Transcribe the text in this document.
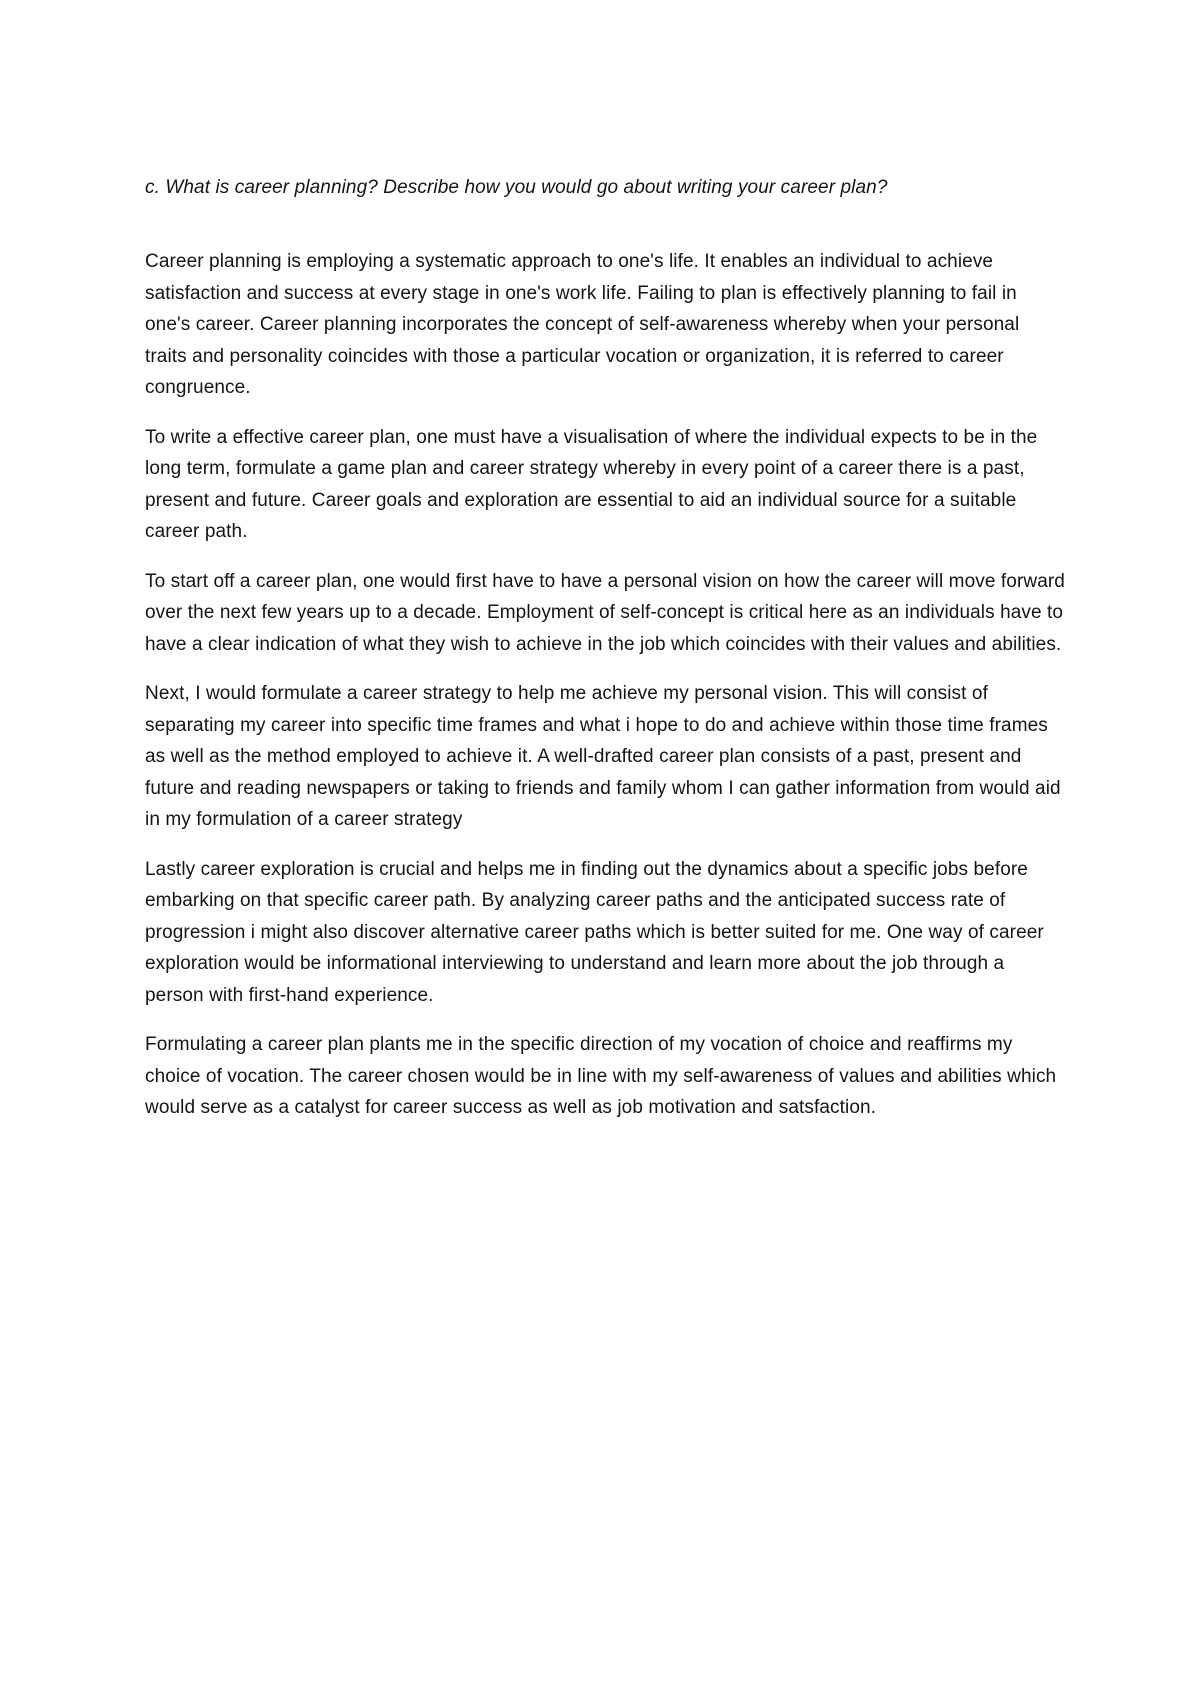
c. What is career planning? Describe how you would go about writing your career plan?

Career planning is employing a systematic approach to one's life. It enables an individual to achieve satisfaction and success at every stage in one's work life. Failing to plan is effectively planning to fail in one's career. Career planning incorporates the concept of self-awareness whereby when your personal traits and personality coincides with those a particular vocation or organization, it is referred to career congruence.

To write a effective career plan, one must have a visualisation of where the individual expects to be in the long term, formulate a game plan and career strategy whereby in every point of a career there is a past, present and future. Career goals and exploration are essential to aid an individual source for a suitable career path.

To start off a career plan, one would first have to have a personal vision on how the career will move forward over the next few years up to a decade. Employment of self-concept is critical here as an individuals have to have a clear indication of what they wish to achieve in the job which coincides with their values and abilities.

Next, I would formulate a career strategy to help me achieve my personal vision. This will consist of separating my career into specific time frames and what i hope to do and achieve within those time frames as well as the method employed to achieve it. A well-drafted career plan consists of a past, present and future and reading newspapers or taking to friends and family whom I can gather information from would aid in my formulation of a career strategy

Lastly career exploration is crucial and helps me in finding out the dynamics about a specific jobs before embarking on that specific career path. By analyzing career paths and the anticipated success rate of progression i might also discover alternative career paths which is better suited for me. One way of career exploration would be informational interviewing to understand and learn more about the job through a person with first-hand experience.

Formulating a career plan plants me in the specific direction of my vocation of choice and reaffirms my choice of vocation. The career chosen would be in line with my self-awareness of values and abilities which would serve as a catalyst for career success as well as job motivation and satsfaction.
